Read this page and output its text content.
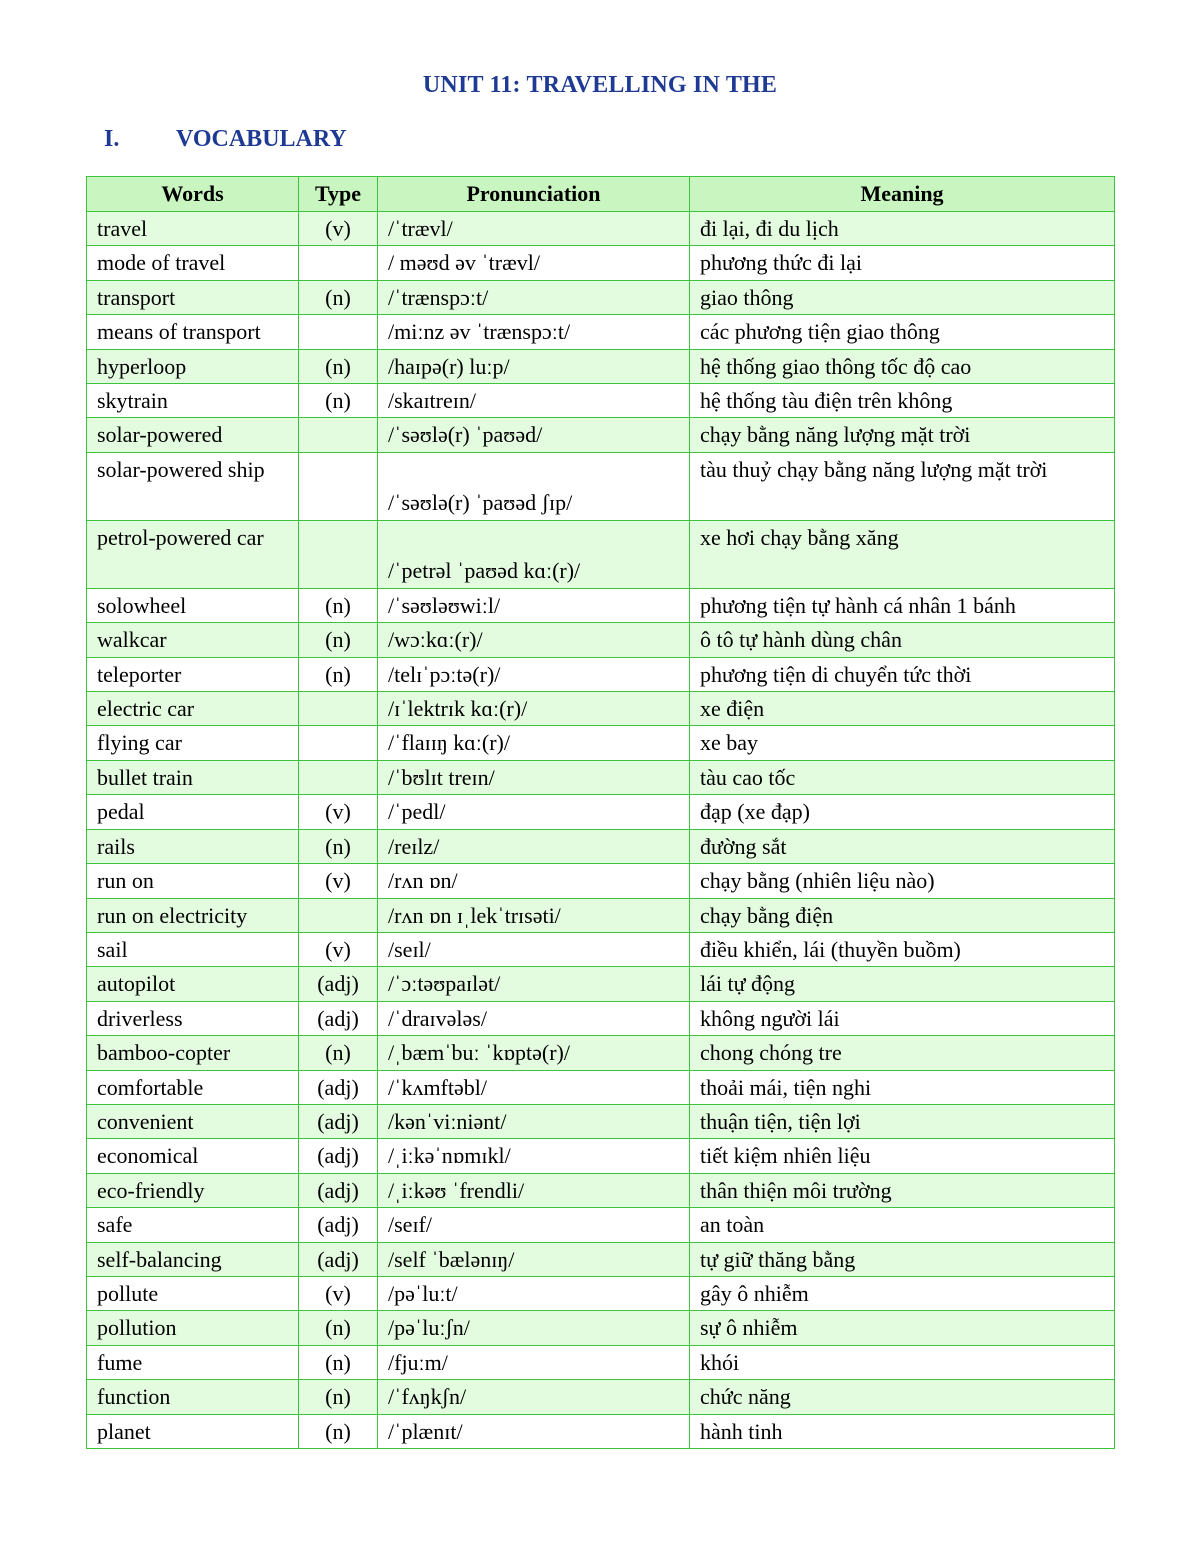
UNIT 11: TRAVELLING IN THE
I. VOCABULARY
Words	Type	Pronunciation	Meaning
travel	(v)	/ˈtrævl/	đi lại, đi du lịch
mode of travel		/ məʊd əv ˈtrævl/	phương thức đi lại
transport	(n)	/ˈtrænspɔːt/	giao thông
means of transport		/miːnz əv ˈtrænspɔːt/	các phương tiện giao thông
hyperloop	(n)	/haɪpə(r) luːp/	hệ thống giao thông tốc độ cao
skytrain	(n)	/skaɪtreɪn/	hệ thống tàu điện trên không
solar-powered		/ˈsəʊlə(r) ˈpaʊəd/	chạy bằng năng lượng mặt trời
solar-powered ship		/ˈsəʊlə(r) ˈpaʊəd ʃɪp/	tàu thuỷ chạy bằng năng lượng mặt trời
petrol-powered car		/ˈpetrəl ˈpaʊəd kɑː(r)/	xe hơi chạy bằng xăng
solowheel	(n)	/ˈsəʊləʊwiːl/	phương tiện tự hành cá nhân 1 bánh
walkcar	(n)	/wɔːkɑː(r)/	ô tô tự hành dùng chân
teleporter	(n)	/telɪˈpɔːtə(r)/	phương tiện di chuyển tức thời
electric car		/ɪˈlektrɪk kɑː(r)/	xe điện
flying car		/ˈflaɪɪŋ kɑː(r)/	xe bay
bullet train		/ˈbʊlɪt treɪn/	tàu cao tốc
pedal	(v)	/ˈpedl/	đạp (xe đạp)
rails	(n)	/reɪlz/	đường sắt
run on	(v)	/rʌn ɒn/	chạy bằng (nhiên liệu nào)
run on electricity		/rʌn ɒn ɪˌlekˈtrɪsəti/	chạy bằng điện
sail	(v)	/seɪl/	điều khiển, lái (thuyền buồm)
autopilot	(adj)	/ˈɔːtəʊpaɪlət/	lái tự động
driverless	(adj)	/ˈdraɪvələs/	không người lái
bamboo-copter	(n)	/ˌbæmˈbuː ˈkɒptə(r)/	chong chóng tre
comfortable	(adj)	/ˈkʌmftəbl/	thoải mái, tiện nghi
convenient	(adj)	/kənˈviːniənt/	thuận tiện, tiện lợi
economical	(adj)	/ˌiːkəˈnɒmɪkl/	tiết kiệm nhiên liệu
eco-friendly	(adj)	/ˌiːkəʊ ˈfrendli/	thân thiện môi trường
safe	(adj)	/seɪf/	an toàn
self-balancing	(adj)	/self ˈbælənɪŋ/	tự giữ thăng bằng
pollute	(v)	/pəˈluːt/	gây ô nhiễm
pollution	(n)	/pəˈluːʃn/	sự ô nhiễm
fume	(n)	/fjuːm/	khói
function	(n)	/ˈfʌŋkʃn/	chức năng
planet	(n)	/ˈplænɪt/	hành tinh
